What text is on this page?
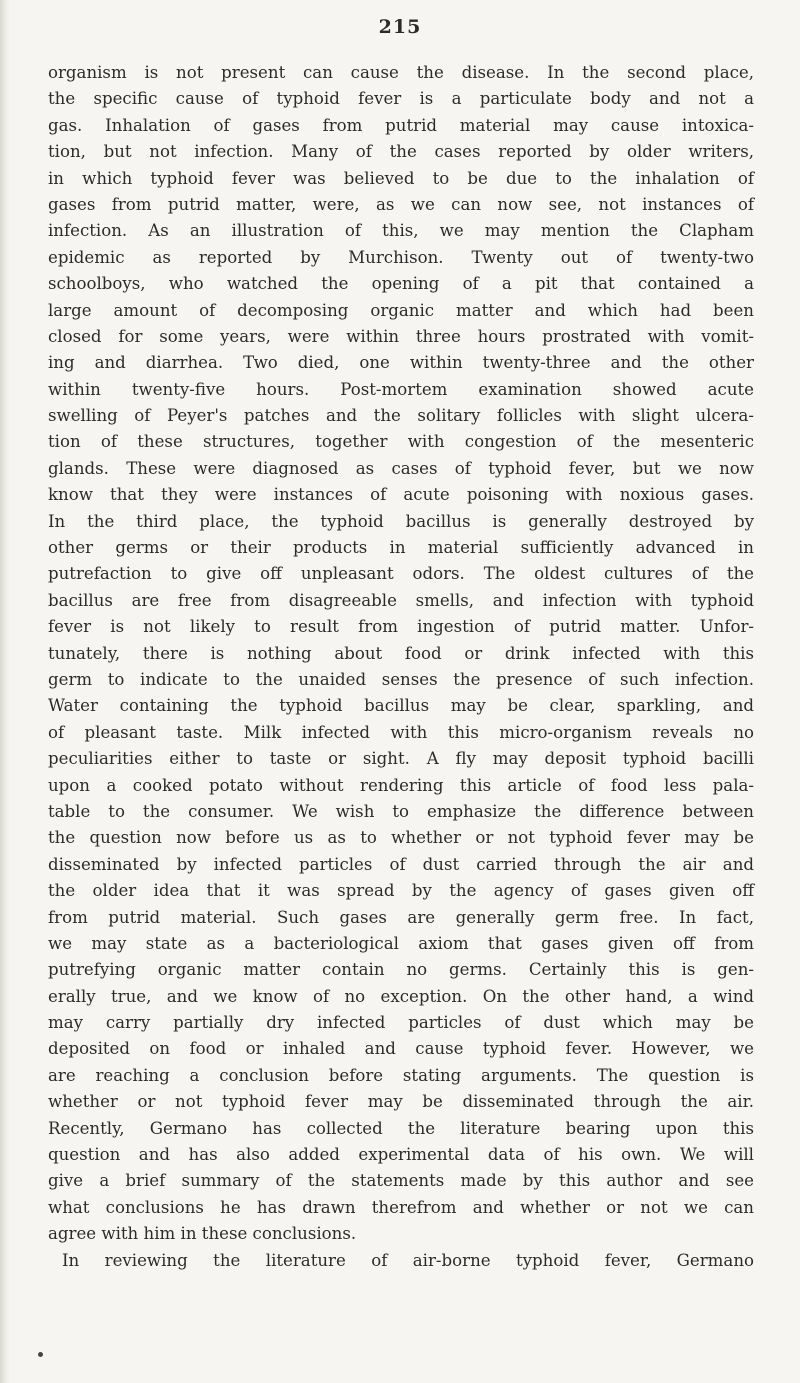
215

organism is not present can cause the disease. In the second place,

the specific cause of typhoid fever is a particulate body and not a

gas. Inhalation of gases from putrid material may cause intoxica-

tion, but not infection. Many of the cases reported by older writers,

in which typhoid fever was believed to be due to the inhalation of

gases from putrid matter, were, as we can now see, not instances of

infection. As an illustration of this, we may mention the Clapham

epidemic as reported by Murchison. Twenty out of twenty-two

schoolboys, who watched the opening of a pit that contained a

large amount of decomposing organic matter and which had been

closed for some years, were within three hours prostrated with vomit-

ing and diarrhea. Two died, one within twenty-three and the other

within twenty-five hours. Post-mortem examination showed acute

swelling of Peyer's patches and the solitary follicles with slight ulcera-

tion of these structures, together with congestion of the mesenteric

glands. These were diagnosed as cases of typhoid fever, but we now

know that they were instances of acute poisoning with noxious gases.

In the third place, the typhoid bacillus is generally destroyed by

other germs or their products in material sufficiently advanced in

putrefaction to give off unpleasant odors. The oldest cultures of the

bacillus are free from disagreeable smells, and infection with typhoid

fever is not likely to result from ingestion of putrid matter. Unfor-

tunately, there is nothing about food or drink infected with this

germ to indicate to the unaided senses the presence of such infection.

Water containing the typhoid bacillus may be clear, sparkling, and

of pleasant taste. Milk infected with this micro-organism reveals no

peculiarities either to taste or sight. A fly may deposit typhoid bacilli

upon a cooked potato without rendering this article of food less pala-

table to the consumer. We wish to emphasize the difference between

the question now before us as to whether or not typhoid fever may be

disseminated by infected particles of dust carried through the air and

the older idea that it was spread by the agency of gases given off

from putrid material. Such gases are generally germ free. In fact,

we may state as a bacteriological axiom that gases given off from

putrefying organic matter contain no germs. Certainly this is gen-

erally true, and we know of no exception. On the other hand, a wind

may carry partially dry infected particles of dust which may be

deposited on food or inhaled and cause typhoid fever. However, we

are reaching a conclusion before stating arguments. The question is

whether or not typhoid fever may be disseminated through the air.

Recently, Germano has collected the literature bearing upon this

question and has also added experimental data of his own. We will

give a brief summary of the statements made by this author and see

what conclusions he has drawn therefrom and whether or not we can

agree with him in these conclusions.

In reviewing the literature of air-borne typhoid fever, Germano
